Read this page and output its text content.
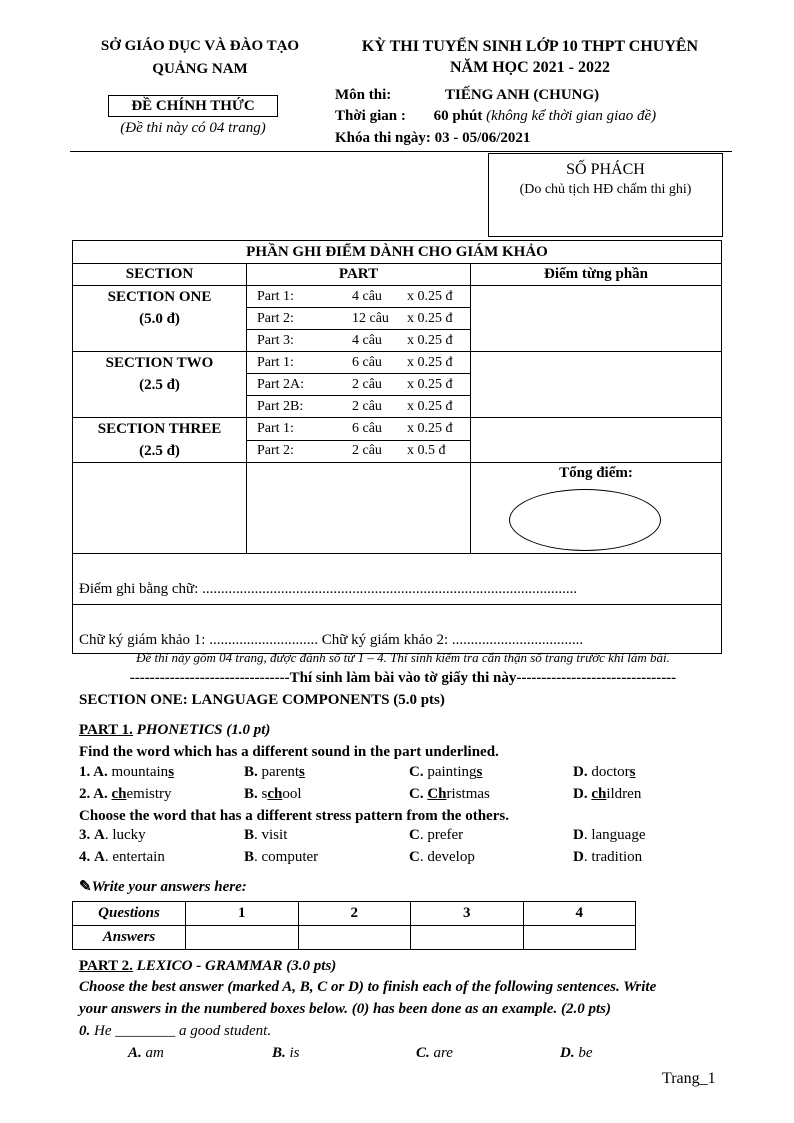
SỞ GIÁO DỤC VÀ ĐÀO TẠO
QUẢNG NAM
ĐỀ CHÍNH THỨC
(Đề thi này có 04 trang)
KỲ THI TUYỂN SINH LỚP 10 THPT CHUYÊN
NĂM HỌC 2021 - 2022
Môn thi:	TIẾNG ANH (CHUNG)
Thời gian : 60 phút (không kể thời gian giao đề)
Khóa thi ngày: 03 - 05/06/2021
SỐ PHÁCH
(Do chủ tịch HĐ chấm thi ghi)
PHẦN GHI ĐIỂM DÀNH CHO GIÁM KHẢO		
SECTION	PART	Điểm từng phần

SECTION ONE
(5.0 đ)	Part 1: 4 câu x 0.25 đ	
	Part 2: 12 câu x 0.25 đ	
	Part 3: 4 câu x 0.25 đ	

SECTION TWO
(2.5 đ)	Part 1: 6 câu x 0.25 đ	
	Part 2A: 2 câu x 0.25 đ	
	Part 2B: 2 câu x 0.25 đ	

SECTION THREE
(2.5 đ)	Part 1: 6 câu x 0.25 đ	
	Part 2: 2 câu x 0.5 đ	

		Tổng điểm:

Điểm ghi bằng chữ: ....................................................................................................		
Chữ ký giám khảo 1: ............................. Chữ ký giám khảo 2: ...................................		
Đề thi này gồm 04 trang, được đánh số từ 1 – 4. Thí sinh kiểm tra cẩn thận số trang trước khi làm bài.
--------------------------------Thí sinh làm bài vào tờ giấy thi này--------------------------------
SECTION ONE: LANGUAGE COMPONENTS (5.0 pts)
PART 1. PHONETICS (1.0 pt)
Find the word which has a different sound in the part underlined.
1. A. mountains	B. parents	C. paintings	D. doctors
2. A. chemistry	B. school	C. Christmas	D. children
Choose the word that has a different stress pattern from the others.
3. A. lucky	B. visit	C. prefer	D. language
4. A. entertain	B. computer	C. develop	D. tradition
✎Write your answers here:
Questions	1	2	3	4
Answers				
PART 2. LEXICO - GRAMMAR (3.0 pts)
Choose the best answer (marked A, B, C or D) to finish each of the following sentences. Write
your answers in the numbered boxes below. (0) has been done as an example. (2.0 pts)
0. He ________ a good student.
A. am	B. is	C. are	D. be
Trang_1
